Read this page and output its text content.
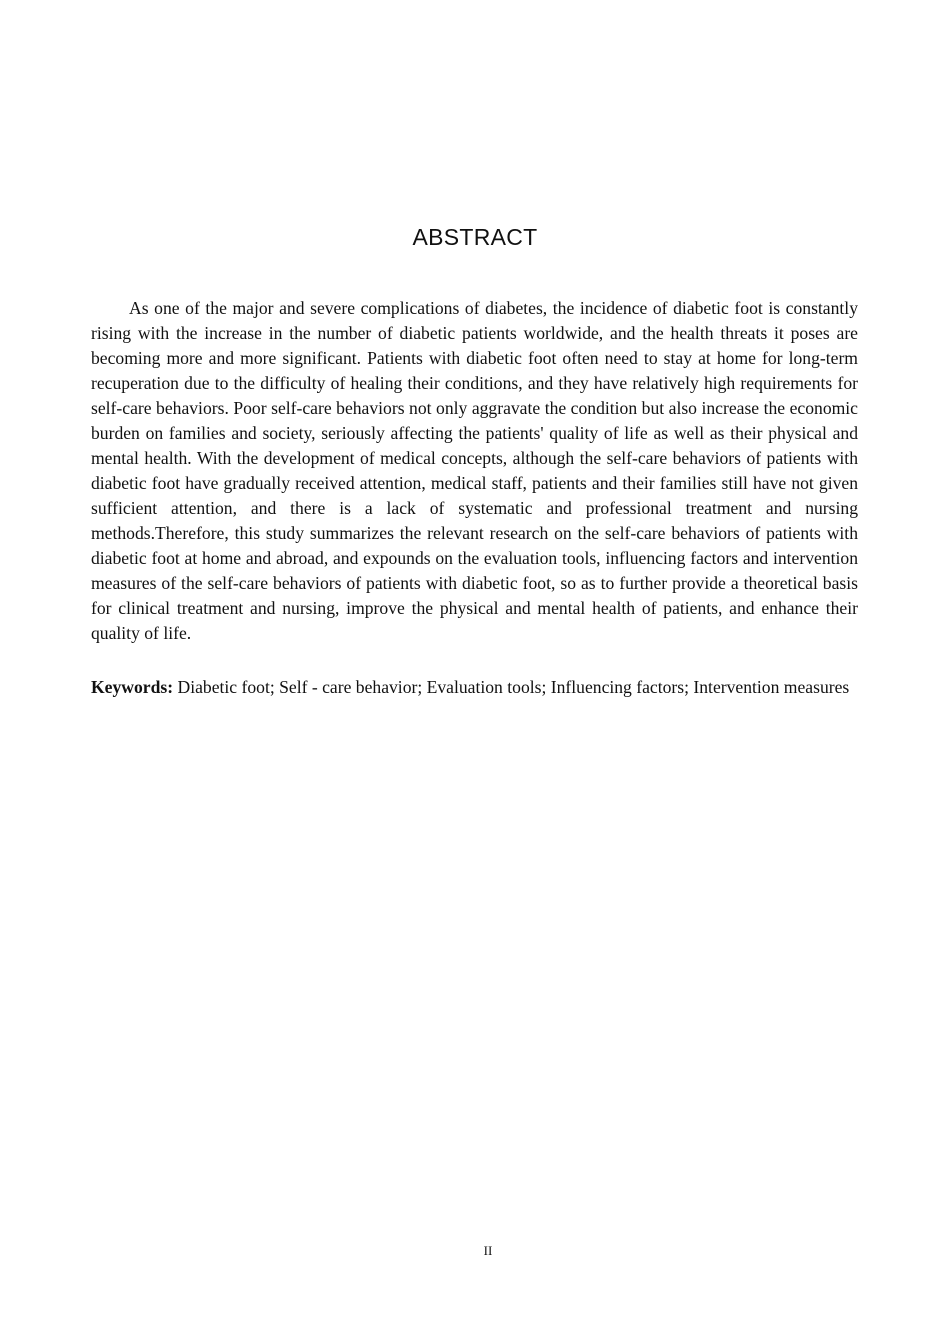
ABSTRACT

As one of the major and severe complications of diabetes, the incidence of diabetic foot is constantly rising with the increase in the number of diabetic patients worldwide, and the health threats it poses are becoming more and more significant. Patients with diabetic foot often need to stay at home for long-term recuperation due to the difficulty of healing their conditions, and they have relatively high requirements for self-care behaviors. Poor self-care behaviors not only aggravate the condition but also increase the economic burden on families and society, seriously affecting the patients' quality of life as well as their physical and mental health. With the development of medical concepts, although the self-care behaviors of patients with diabetic foot have gradually received attention, medical staff, patients and their families still have not given sufficient attention, and there is a lack of systematic and professional treatment and nursing methods.Therefore, this study summarizes the relevant research on the self-care behaviors of patients with diabetic foot at home and abroad, and expounds on the evaluation tools, influencing factors and intervention measures of the self-care behaviors of patients with diabetic foot, so as to further provide a theoretical basis for clinical treatment and nursing, improve the physical and mental health of patients, and enhance their quality of life.

Keywords: Diabetic foot; Self - care behavior; Evaluation tools; Influencing factors; Intervention measures

II
